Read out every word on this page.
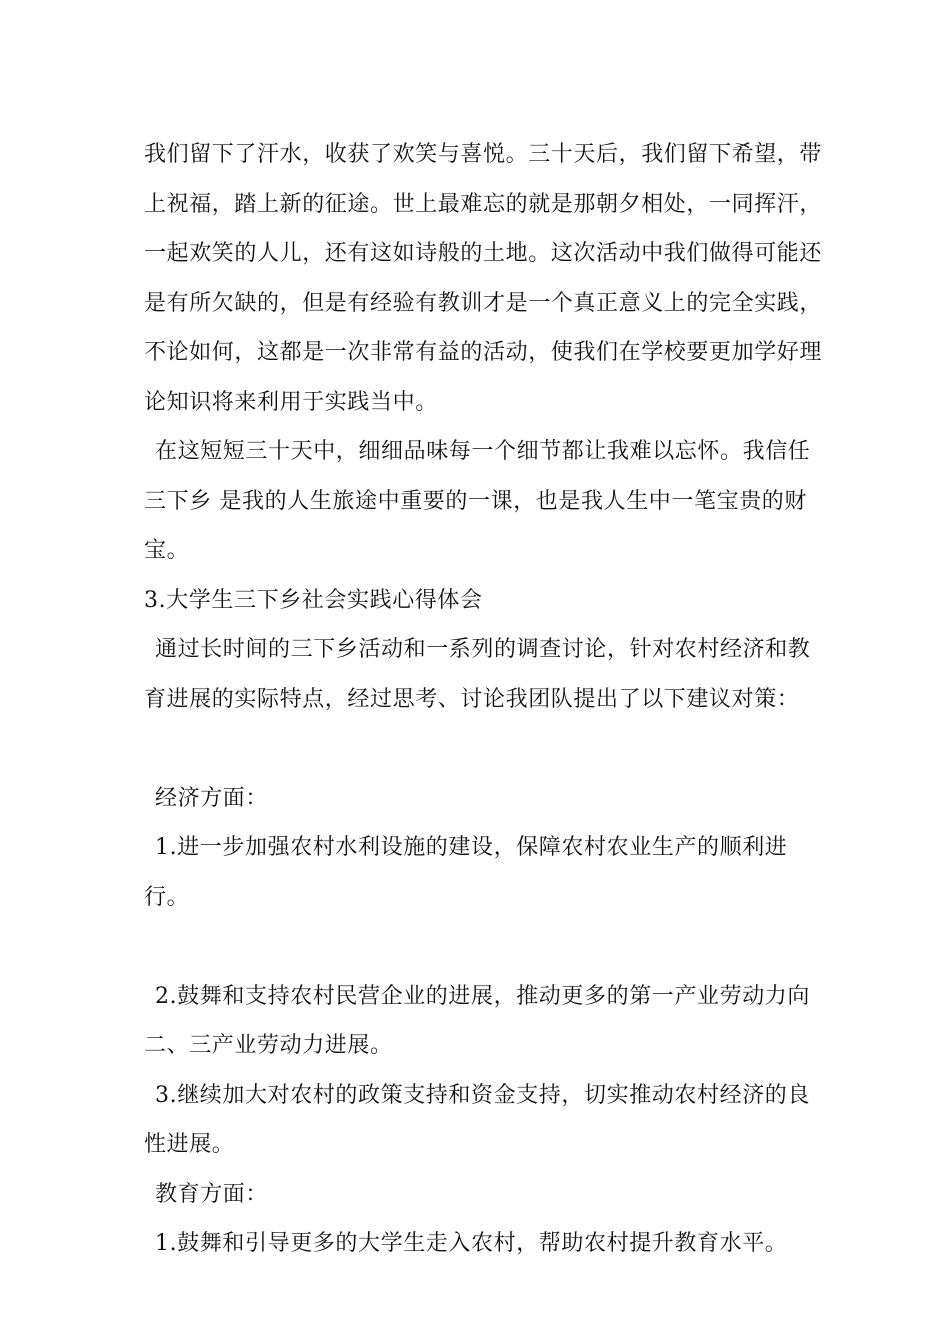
我们留下了汗水，收获了欢笑与喜悦。三十天后，我们留下希望，带上祝福，踏上新的征途。世上最难忘的就是那朝夕相处，一同挥汗，一起欢笑的人儿，还有这如诗般的土地。这次活动中我们做得可能还是有所欠缺的，但是有经验有教训才是一个真正意义上的完全实践，不论如何，这都是一次非常有益的活动，使我们在学校要更加学好理论知识将来利用于实践当中。

在这短短三十天中，细细品味每一个细节都让我难以忘怀。我信任三下乡 是我的人生旅途中重要的一课，也是我人生中一笔宝贵的财宝。

3.大学生三下乡社会实践心得体会

通过长时间的三下乡活动和一系列的调查讨论，针对农村经济和教育进展的实际特点，经过思考、讨论我团队提出了以下建议对策：

经济方面：

1.进一步加强农村水利设施的建设，保障农村农业生产的顺利进行。

2.鼓舞和支持农村民营企业的进展，推动更多的第一产业劳动力向二、三产业劳动力进展。

3.继续加大对农村的政策支持和资金支持，切实推动农村经济的良性进展。

教育方面：

1.鼓舞和引导更多的大学生走入农村，帮助农村提升教育水平。
